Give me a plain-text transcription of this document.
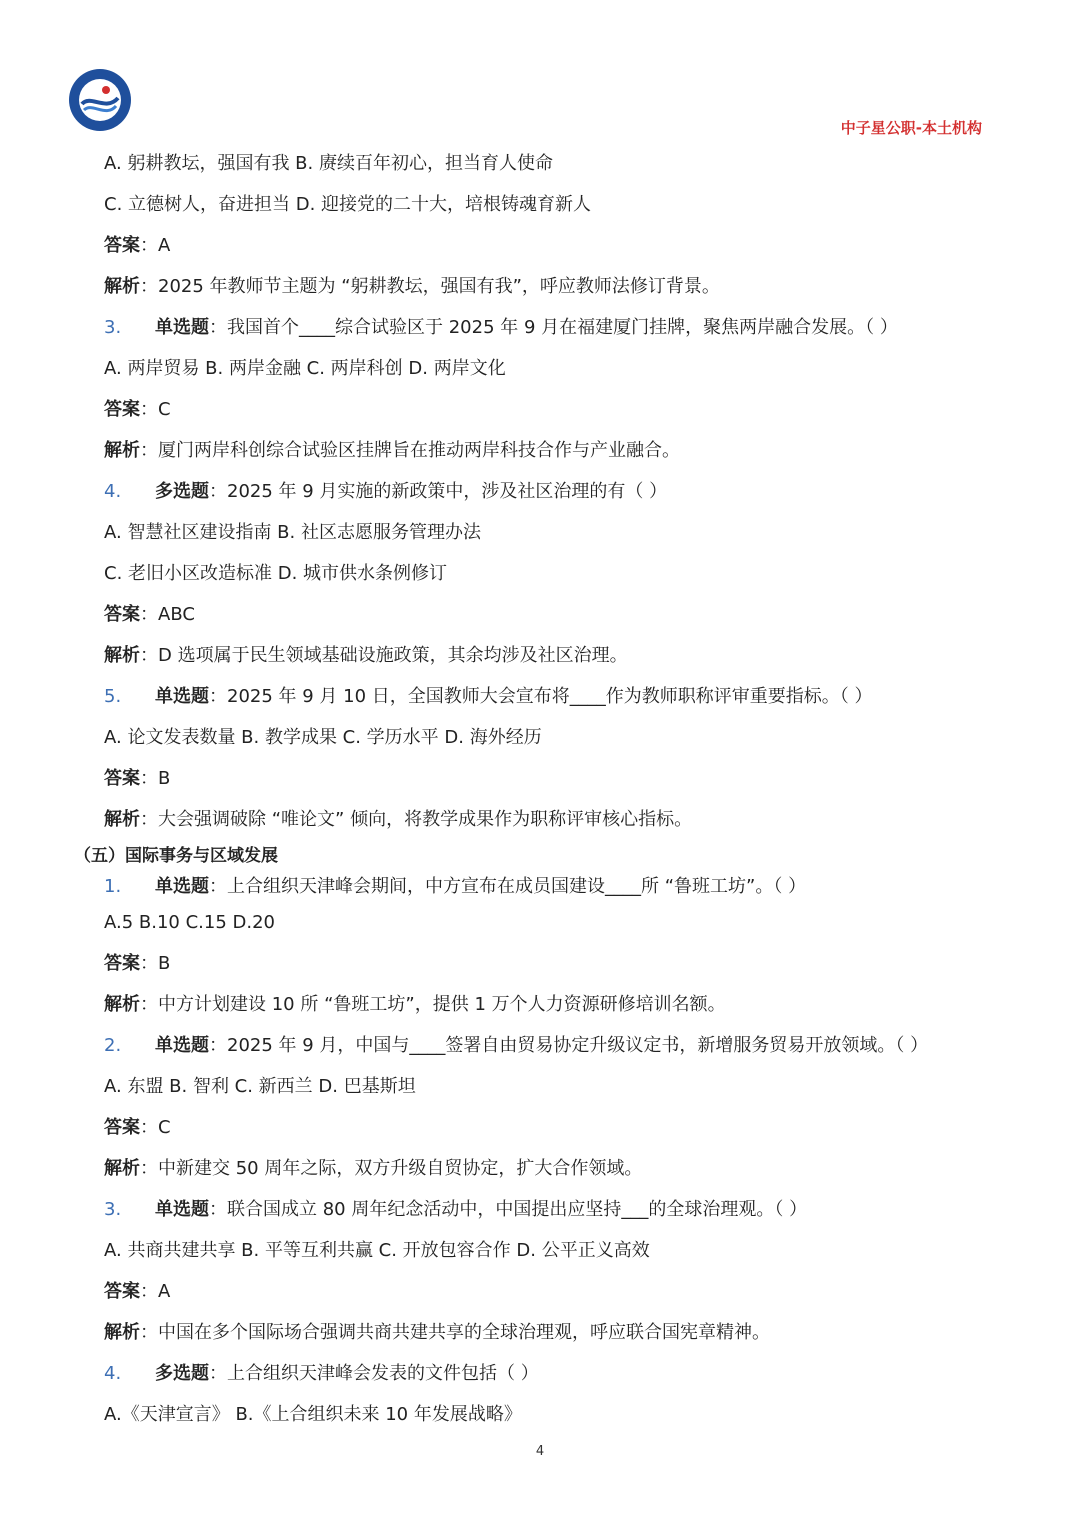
中子星公职-本土机构
A. 躬耕教坛，强国有我 B. 赓续百年初心，担当育人使命
C. 立德树人，奋进担当 D. 迎接党的二十大，培根铸魂育新人
答案：A
解析：2025 年教师节主题为 “躬耕教坛，强国有我”，呼应教师法修订背景。
3.	单选题 ：我国首个____综合试验区于 2025 年 9 月在福建厦门挂牌，聚焦两岸融合发展。（ ）
A. 两岸贸易 B. 两岸金融 C. 两岸科创 D. 两岸文化
答案：C
解析：厦门两岸科创综合试验区挂牌旨在推动两岸科技合作与产业融合。
4.	多选题 ：2025 年 9 月实施的新政策中，涉及社区治理的有（ ）
A. 智慧社区建设指南 B. 社区志愿服务管理办法
C. 老旧小区改造标准 D. 城市供水条例修订
答案：ABC
解析：D 选项属于民生领域基础设施政策，其余均涉及社区治理。
5.	单选题 ：2025 年 9 月 10 日，全国教师大会宣布将____作为教师职称评审重要指标。（ ）
A. 论文发表数量 B. 教学成果 C. 学历水平 D. 海外经历
答案：B
解析：大会强调破除 “唯论文” 倾向，将教学成果作为职称评审核心指标。
（五）国际事务与区域发展
1.	单选题 ：上合组织天津峰会期间，中方宣布在成员国建设____所 “鲁班工坊”。（ ）
A.5 B.10 C.15 D.20
答案：B
解析：中方计划建设 10 所 “鲁班工坊”，提供 1 万个人力资源研修培训名额。
2.	单选题 ：2025 年 9 月，中国与____签署自由贸易协定升级议定书，新增服务贸易开放领域。（ ）
A. 东盟 B. 智利 C. 新西兰 D. 巴基斯坦
答案：C
解析：中新建交 50 周年之际，双方升级自贸协定，扩大合作领域。
3.	单选题 ：联合国成立 80 周年纪念活动中，中国提出应坚持___的全球治理观。（ ）
A. 共商共建共享 B. 平等互利共赢 C. 开放包容合作 D. 公平正义高效
答案：A
解析：中国在多个国际场合强调共商共建共享的全球治理观，呼应联合国宪章精神。
4.	多选题 ：上合组织天津峰会发表的文件包括（ ）
A.《天津宣言》 B.《上合组织未来 10 年发展战略》
4
